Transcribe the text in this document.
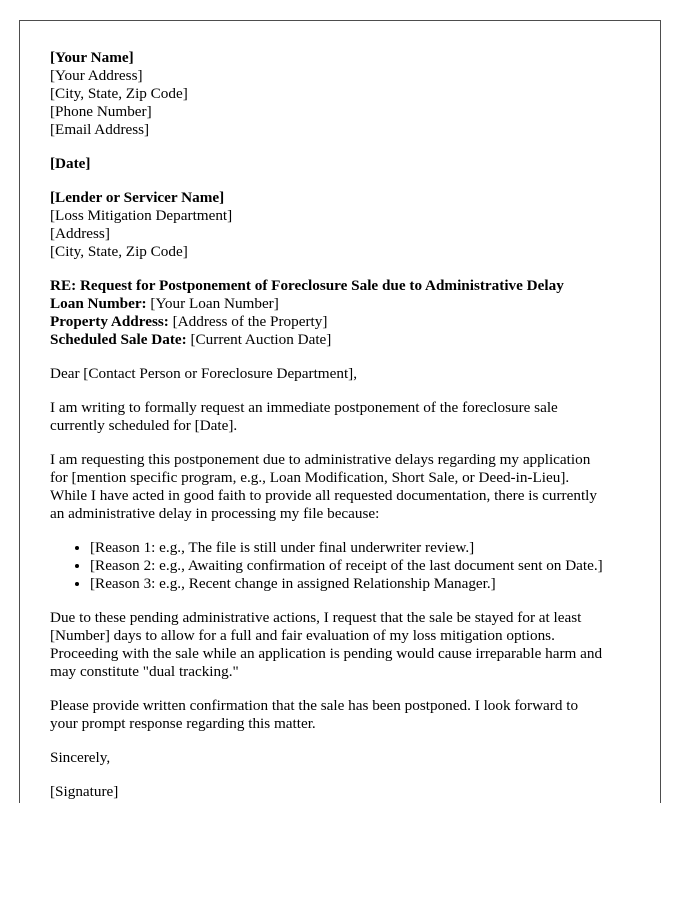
[Your Name]
[Your Address]
[City, State, Zip Code]
[Phone Number]
[Email Address]
[Date]
[Lender or Servicer Name]
[Loss Mitigation Department]
[Address]
[City, State, Zip Code]
RE: Request for Postponement of Foreclosure Sale due to Administrative Delay
Loan Number: [Your Loan Number]
Property Address: [Address of the Property]
Scheduled Sale Date: [Current Auction Date]

Dear [Contact Person or Foreclosure Department],

I am writing to formally request an immediate postponement of the foreclosure sale
currently scheduled for [Date].

I am requesting this postponement due to administrative delays regarding my application
for [mention specific program, e.g., Loan Modification, Short Sale, or Deed-in-Lieu].
While I have acted in good faith to provide all requested documentation, there is currently
an administrative delay in processing my file because:

• [Reason 1: e.g., The file is still under final underwriter review.]
• [Reason 2: e.g., Awaiting confirmation of receipt of the last document sent on Date.]
• [Reason 3: e.g., Recent change in assigned Relationship Manager.]

Due to these pending administrative actions, I request that the sale be stayed for at least
[Number] days to allow for a full and fair evaluation of my loss mitigation options.
Proceeding with the sale while an application is pending would cause irreparable harm and
may constitute "dual tracking."

Please provide written confirmation that the sale has been postponed. I look forward to
your prompt response regarding this matter.

Sincerely,

[Signature]
